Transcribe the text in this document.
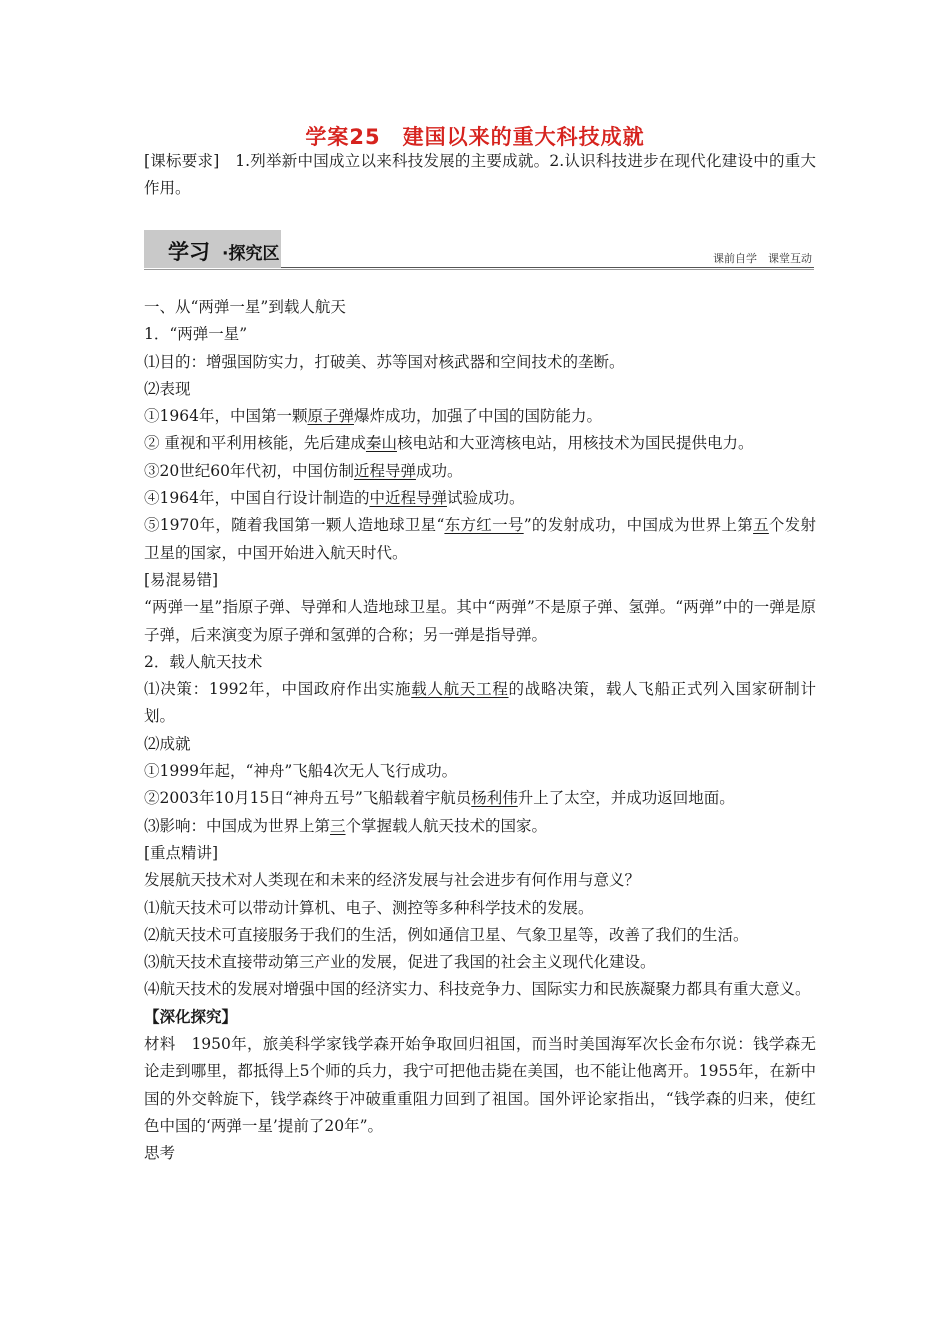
学案25 建国以来的重大科技成就
[课标要求]　1.列举新中国成立以来科技发展的主要成就。2.认识科技进步在现代化建设中的重大作用。
学习 ·探究区	课前自学　课堂互动

一、从“两弹一星”到载人航天

1．“两弹一星”

⑴目的：增强国防实力，打破美、苏等国对核武器和空间技术的垄断。

⑵表现

①1964年，中国第一颗原子弹爆炸成功，加强了中国的国防能力。

② 重视和平利用核能，先后建成秦山核电站和大亚湾核电站，用核技术为国民提供电力。

③20世纪60年代初，中国仿制近程导弹成功。

④1964年，中国自行设计制造的中近程导弹试验成功。

⑤1970年，随着我国第一颗人造地球卫星“东方红一号”的发射成功，中国成为世界上第五个发射卫星的国家，中国开始进入航天时代。

[易混易错]

“两弹一星”指原子弹、导弹和人造地球卫星。其中“两弹”不是原子弹、氢弹。“两弹”中的一弹是原子弹，后来演变为原子弹和氢弹的合称；另一弹是指导弹。

2．载人航天技术

⑴决策：1992年，中国政府作出实施载人航天工程的战略决策，载人飞船正式列入国家研制计划。

⑵成就

①1999年起，“神舟”飞船4次无人飞行成功。

②2003年10月15日“神舟五号”飞船载着宇航员杨利伟升上了太空，并成功返回地面。

⑶影响：中国成为世界上第三个掌握载人航天技术的国家。

[重点精讲]

发展航天技术对人类现在和未来的经济发展与社会进步有何作用与意义？

⑴航天技术可以带动计算机、电子、测控等多种科学技术的发展。

⑵航天技术可直接服务于我们的生活，例如通信卫星、气象卫星等，改善了我们的生活。

⑶航天技术直接带动第三产业的发展，促进了我国的社会主义现代化建设。

⑷航天技术的发展对增强中国的经济实力、科技竞争力、国际实力和民族凝聚力都具有重大意义。

【深化探究】

材料　1950年，旅美科学家钱学森开始争取回归祖国，而当时美国海军次长金布尔说：钱学森无论走到哪里，都抵得上5个师的兵力，我宁可把他击毙在美国，也不能让他离开。1955年，在新中国的外交斡旋下，钱学森终于冲破重重阻力回到了祖国。国外评论家指出，“钱学森的归来，使红色中国的‘两弹一星’提前了20年”。

思考
